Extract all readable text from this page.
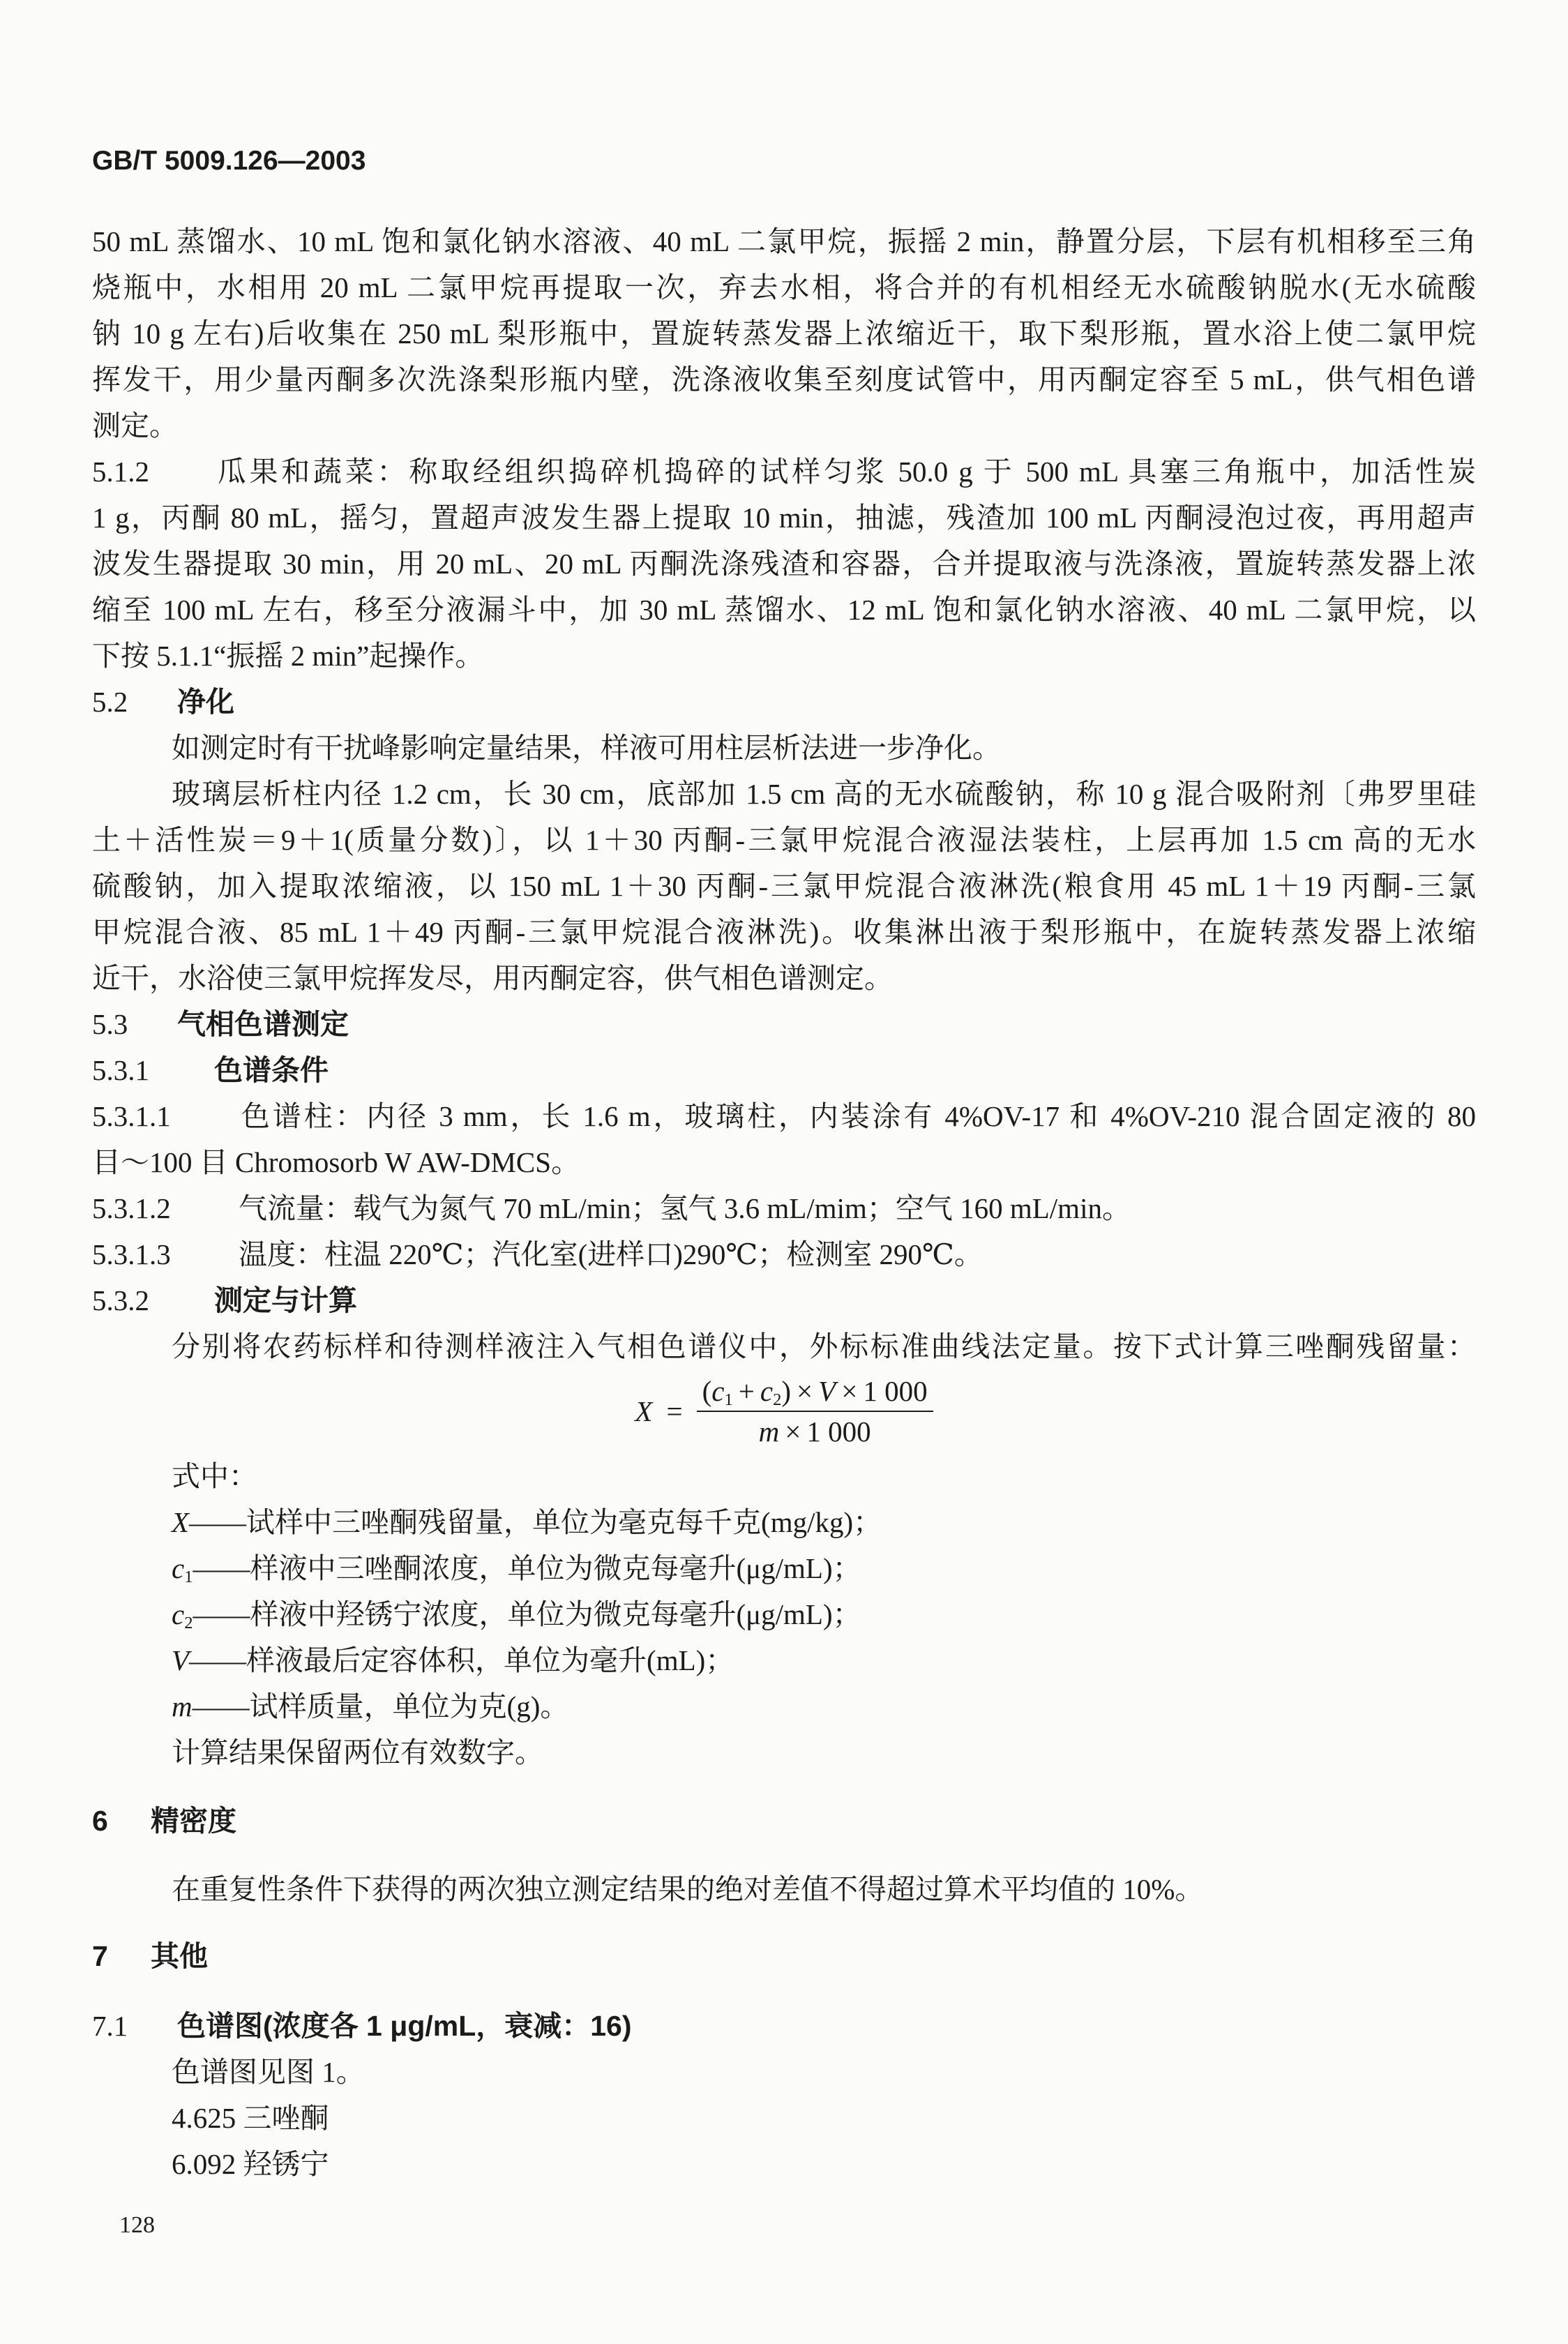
GB/T 5009.126—2003
50 mL 蒸馏水、10 mL 饱和氯化钠水溶液、40 mL 二氯甲烷，振摇 2 min，静置分层，下层有机相移至三角
烧瓶中，水相用 20 mL 二氯甲烷再提取一次，弃去水相，将合并的有机相经无水硫酸钠脱水(无水硫酸
钠 10 g 左右)后收集在 250 mL 梨形瓶中，置旋转蒸发器上浓缩近干，取下梨形瓶，置水浴上使二氯甲烷
挥发干，用少量丙酮多次洗涤梨形瓶内壁，洗涤液收集至刻度试管中，用丙酮定容至 5 mL，供气相色谱
测定。
5.1.2 瓜果和蔬菜：称取经组织捣碎机捣碎的试样匀浆 50.0 g 于 500 mL 具塞三角瓶中，加活性炭
1 g，丙酮 80 mL，摇匀，置超声波发生器上提取 10 min，抽滤，残渣加 100 mL 丙酮浸泡过夜，再用超声
波发生器提取 30 min，用 20 mL、20 mL 丙酮洗涤残渣和容器，合并提取液与洗涤液，置旋转蒸发器上浓
缩至 100 mL 左右，移至分液漏斗中，加 30 mL 蒸馏水、12 mL 饱和氯化钠水溶液、40 mL 二氯甲烷，以
下按 5.1.1“振摇 2 min”起操作。
5.2 净化
如测定时有干扰峰影响定量结果，样液可用柱层析法进一步净化。
玻璃层析柱内径 1.2 cm，长 30 cm，底部加 1.5 cm 高的无水硫酸钠，称 10 g 混合吸附剂〔弗罗里硅
土＋活性炭＝9＋1(质量分数)〕，以 1＋30 丙酮-三氯甲烷混合液湿法装柱，上层再加 1.5 cm 高的无水
硫酸钠，加入提取浓缩液，以 150 mL 1＋30 丙酮-三氯甲烷混合液淋洗(粮食用 45 mL 1＋19 丙酮-三氯
甲烷混合液、85 mL 1＋49 丙酮-三氯甲烷混合液淋洗)。收集淋出液于梨形瓶中，在旋转蒸发器上浓缩
近干，水浴使三氯甲烷挥发尽，用丙酮定容，供气相色谱测定。
5.3 气相色谱测定
5.3.1 色谱条件
5.3.1.1 色谱柱：内径 3 mm，长 1.6 m，玻璃柱，内装涂有 4%OV-17 和 4%OV-210 混合固定液的 80
目～100 目 Chromosorb W AW-DMCS。
5.3.1.2 气流量：载气为氮气 70 mL/min；氢气 3.6 mL/mim；空气 160 mL/min。
5.3.1.3 温度：柱温 220℃；汽化室(进样口)290℃；检测室 290℃。
5.3.2 测定与计算
分别将农药标样和待测样液注入气相色谱仪中，外标标准曲线法定量。按下式计算三唑酮残留量：
$X = \frac{(c_1 + c_2) \times V \times 1 000}{m \times 1 000}$
式中：
X——试样中三唑酮残留量，单位为毫克每千克(mg/kg)；
$c_1——$样液中三唑酮浓度，单位为微克每毫升(μg/mL)；
$c_2——$样液中羟锈宁浓度，单位为微克每毫升(μg/mL)；
V——样液最后定容体积，单位为毫升(mL)；
m——试样质量，单位为克(g)。
计算结果保留两位有效数字。
6 精密度
在重复性条件下获得的两次独立测定结果的绝对差值不得超过算术平均值的 10%。
7 其他
7.1 色谱图(浓度各 1 μg/mL，衰减：16)
色谱图见图 1。
4.625 三唑酮
6.092 羟锈宁
128
